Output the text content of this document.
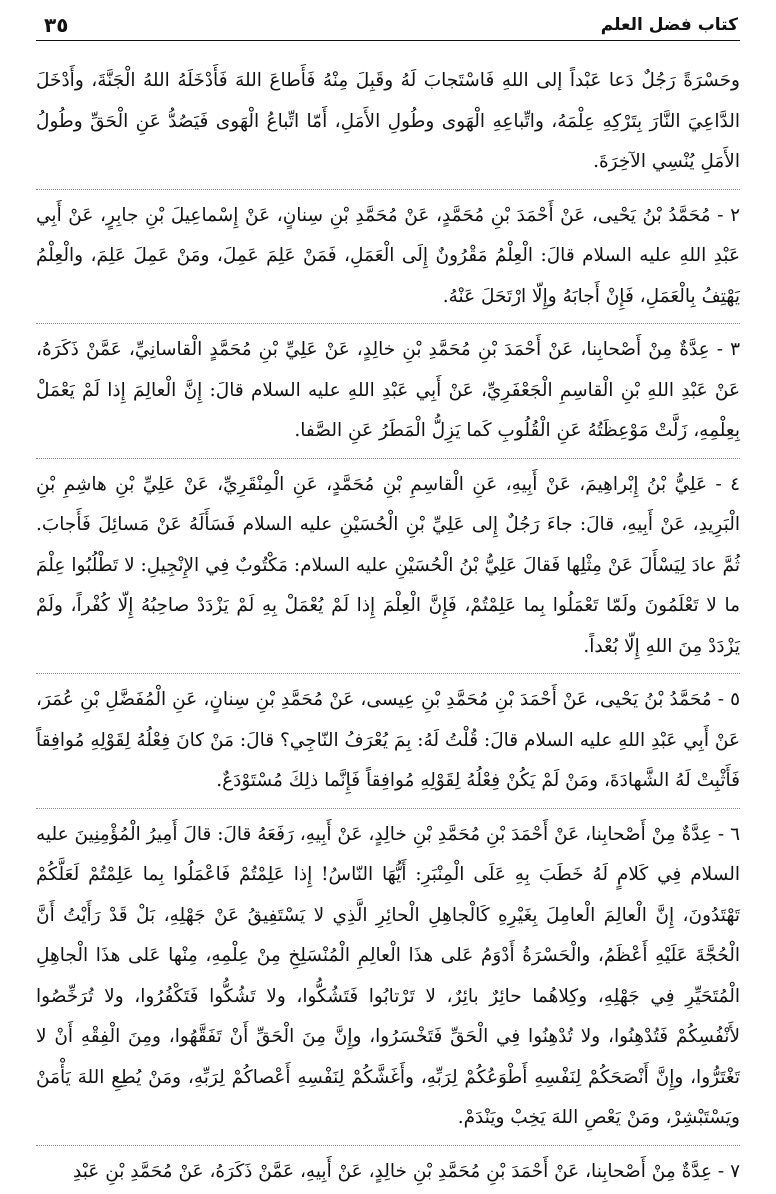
كتاب فضل العلم
٣٥

وحَسْرَةً رَجُلٌ دَعا عَبْداً إلى اللهِ فَاسْتَجابَ لَهُ وقَبِلَ مِنْهُ فَأَطاعَ اللهَ فَأَدْخَلَهُ اللهُ الْجَنَّةَ، وأَدْخَلَ الدَّاعِيَ النَّارَ بِتَرْكِهِ عِلْمَهُ، واتِّباعِهِ الْهَوى وطُولِ الأَمَلِ، أَمّا اتِّباعُ الْهَوى فَيَصُدُّ عَنِ الْحَقِّ وطُولُ الأَمَلِ يُنْسِي الآخِرَةَ.

٢ - مُحَمَّدُ بْنُ يَحْيى، عَنْ أَحْمَدَ بْنِ مُحَمَّدٍ، عَنْ مُحَمَّدِ بْنِ سِنانٍ، عَنْ إِسْماعِيلَ بْنِ جابِرٍ، عَنْ أَبِي عَبْدِ اللهِ عليه السلام قالَ: الْعِلْمُ مَقْرُونٌ إِلَى الْعَمَلِ، فَمَنْ عَلِمَ عَمِلَ، ومَنْ عَمِلَ عَلِمَ، والْعِلْمُ يَهْتِفُ بِالْعَمَلِ، فَإِنْ أَجابَهُ وإِلّا ارْتَحَلَ عَنْهُ.

٣ - عِدَّةٌ مِنْ أَصْحابِنا، عَنْ أَحْمَدَ بْنِ مُحَمَّدِ بْنِ خالِدٍ، عَنْ عَلِيِّ بْنِ مُحَمَّدٍ الْقاسانِيِّ، عَمَّنْ ذَكَرَهُ، عَنْ عَبْدِ اللهِ بْنِ الْقاسِمِ الْجَعْفَرِيِّ، عَنْ أَبِي عَبْدِ اللهِ عليه السلام قالَ: إِنَّ الْعالِمَ إِذا لَمْ يَعْمَلْ بِعِلْمِهِ، زَلَّتْ مَوْعِظَتُهُ عَنِ الْقُلُوبِ كَما يَزِلُّ الْمَطَرُ عَنِ الصَّفا.

٤ - عَلِيُّ بْنُ إِبْراهِيمَ، عَنْ أَبِيهِ، عَنِ الْقاسِمِ بْنِ مُحَمَّدٍ، عَنِ الْمِنْقَرِيِّ، عَنْ عَلِيِّ بْنِ هاشِمِ بْنِ الْبَرِيدِ، عَنْ أَبِيهِ، قالَ: جاءَ رَجُلٌ إِلى عَلِيِّ بْنِ الْحُسَيْنِ عليه السلام فَسَأَلَهُ عَنْ مَسائِلَ فَأَجابَ. ثُمَّ عادَ لِيَسْأَلَ عَنْ مِثْلِها فَقالَ عَلِيُّ بْنُ الْحُسَيْنِ عليه السلام: مَكْتُوبٌ فِي الإِنْجِيلِ: لا تَطْلُبُوا عِلْمَ ما لا تَعْلَمُونَ ولَمّا تَعْمَلُوا بِما عَلِمْتُمْ، فَإِنَّ الْعِلْمَ إِذا لَمْ يُعْمَلْ بِهِ لَمْ يَزْدَدْ صاحِبُهُ إِلّا كُفْراً، ولَمْ يَزْدَدْ مِنَ اللهِ إِلّا بُعْداً.

٥ - مُحَمَّدُ بْنُ يَحْيى، عَنْ أَحْمَدَ بْنِ مُحَمَّدِ بْنِ عِيسى، عَنْ مُحَمَّدِ بْنِ سِنانٍ، عَنِ الْمُفَضَّلِ بْنِ عُمَرَ، عَنْ أَبِي عَبْدِ اللهِ عليه السلام قالَ: قُلْتُ لَهُ: بِمَ يُعْرَفُ النّاجِي؟ قالَ: مَنْ كانَ فِعْلُهُ لِقَوْلِهِ مُوافِقاً فَأَثْبِتْ لَهُ الشَّهادَةَ، ومَنْ لَمْ يَكُنْ فِعْلُهُ لِقَوْلِهِ مُوافِقاً فَإِنَّما ذلِكَ مُسْتَوْدَعٌ.

٦ - عِدَّةٌ مِنْ أَصْحابِنا، عَنْ أَحْمَدَ بْنِ مُحَمَّدِ بْنِ خالِدٍ، عَنْ أَبِيهِ، رَفَعَهُ قالَ: قالَ أَمِيرُ الْمُؤْمِنِينَ عليه السلام فِي كَلامٍ لَهُ خَطَبَ بِهِ عَلَى الْمِنْبَرِ: أَيُّهَا النّاسُ! إِذا عَلِمْتُمْ فَاعْمَلُوا بِما عَلِمْتُمْ لَعَلَّكُمْ تَهْتَدُونَ، إِنَّ الْعالِمَ الْعامِلَ بِغَيْرِهِ كَالْجاهِلِ الْحائِرِ الَّذِي لا يَسْتَفِيقُ عَنْ جَهْلِهِ، بَلْ قَدْ رَأَيْتُ أَنَّ الْحُجَّةَ عَلَيْهِ أَعْظَمُ، والْحَسْرَةُ أَدْوَمُ عَلى هذَا الْعالِمِ الْمُنْسَلِخِ مِنْ عِلْمِهِ، مِنْها عَلى هذَا الْجاهِلِ الْمُتَحَيِّرِ فِي جَهْلِهِ، وكِلاهُما حائِرٌ بائِرٌ، لا تَرْتابُوا فَتَشُكُّوا، ولا تَشُكُّوا فَتَكْفُرُوا، ولا تُرَخِّصُوا لأَنْفُسِكُمْ فَتُدْهِنُوا، ولا تُدْهِنُوا فِي الْحَقِّ فَتَخْسَرُوا، وإِنَّ مِنَ الْحَقِّ أَنْ تَفَقَّهُوا، ومِنَ الْفِقْهِ أَنْ لا تَغْتَرُّوا، وإِنَّ أَنْصَحَكُمْ لِنَفْسِهِ أَطْوَعُكُمْ لِرَبِّهِ، وأَغَشَّكُمْ لِنَفْسِهِ أَعْصاكُمْ لِرَبِّهِ، ومَنْ يُطِعِ اللهَ يَأْمَنْ ويَسْتَبْشِرْ، ومَنْ يَعْصِ اللهَ يَخِبْ ويَنْدَمْ.

٧ - عِدَّةٌ مِنْ أَصْحابِنا، عَنْ أَحْمَدَ بْنِ مُحَمَّدِ بْنِ خالِدٍ، عَنْ أَبِيهِ، عَمَّنْ ذَكَرَهُ، عَنْ مُحَمَّدِ بْنِ عَبْدِ
